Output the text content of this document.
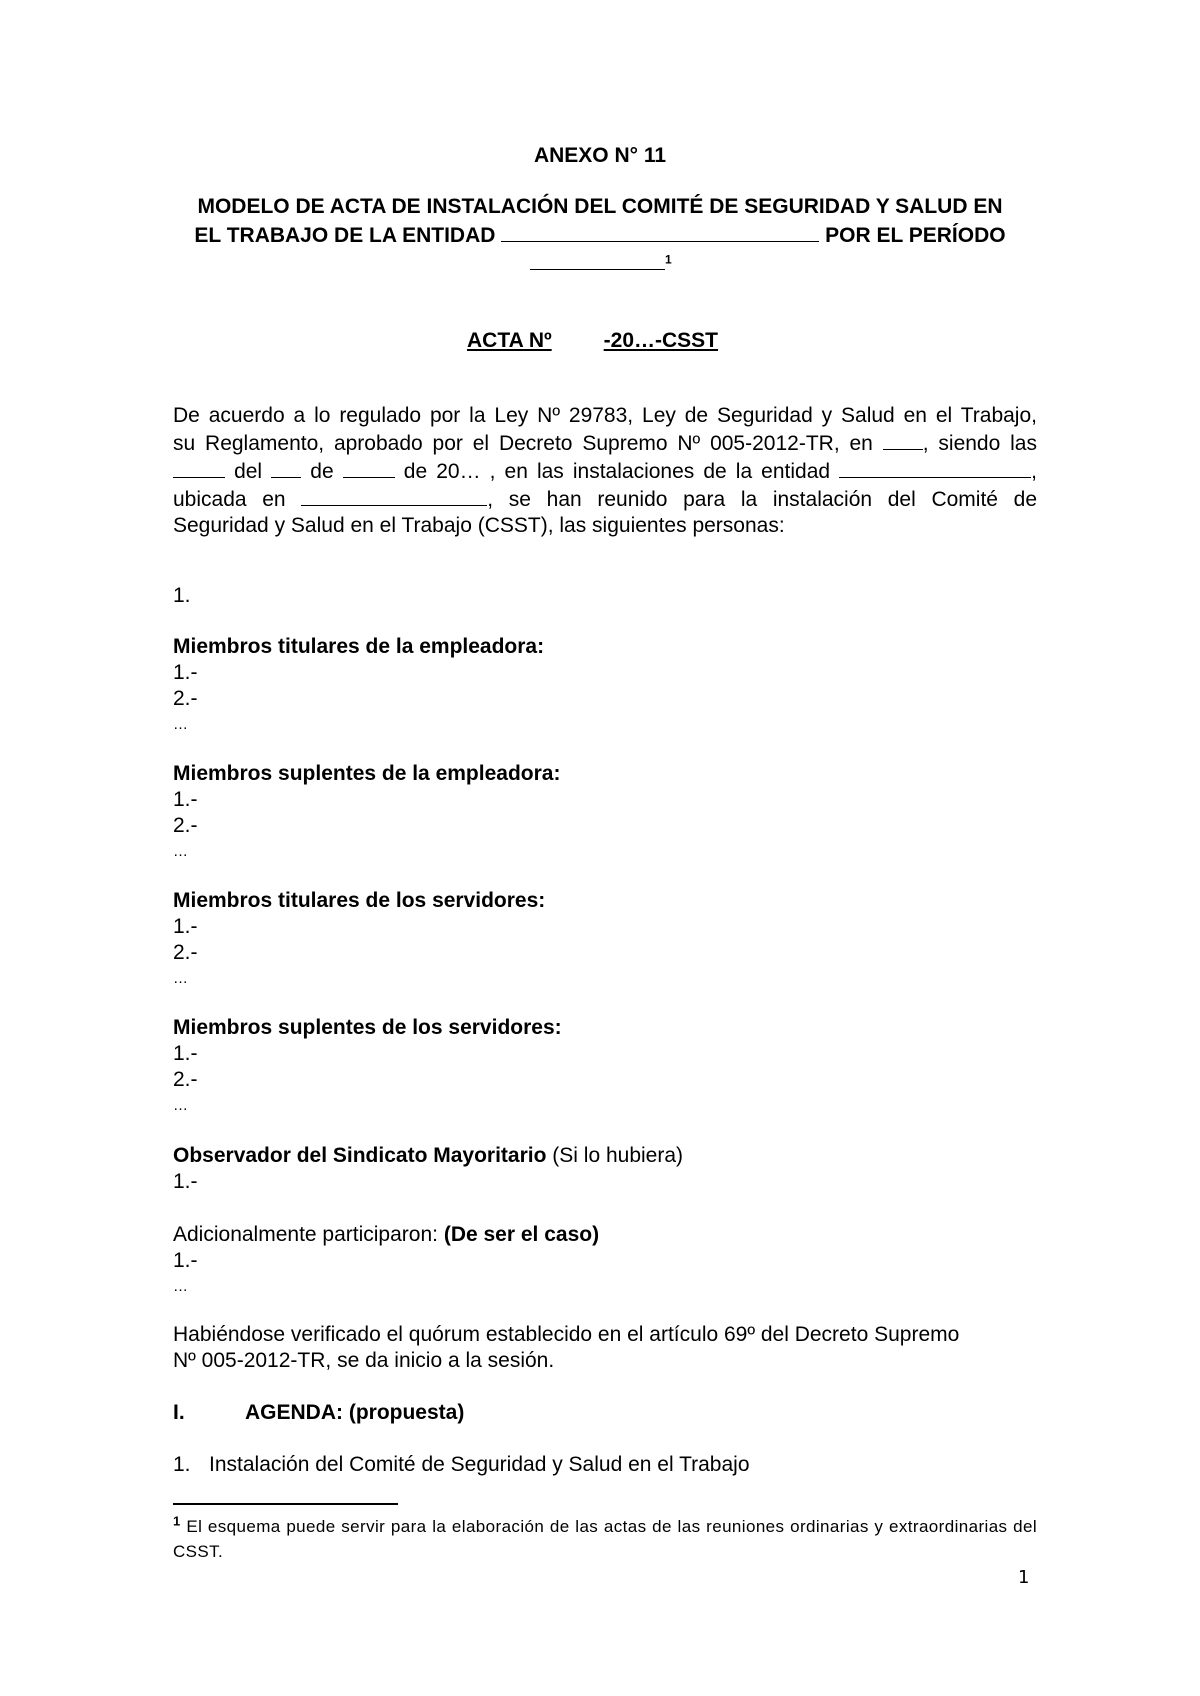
ANEXO N° 11
MODELO DE ACTA DE INSTALACIÓN DEL COMITÉ DE SEGURIDAD Y SALUD EN
EL TRABAJO DE LA ENTIDAD	POR EL PERÍODO
$^1$
ACTA Nº -20…-CSST
De acuerdo a lo regulado por la Ley Nº 29783, Ley de Seguridad y Salud en el Trabajo,
su Reglamento, aprobado por el Decreto Supremo Nº 005-2012-TR, en , siendo las
del de	de 20… , en las instalaciones de la entidad	,
ubicada en	, se han reunido para la instalación del Comité de
Seguridad y Salud en el Trabajo (CSST), las siguientes personas:
1.
Miembros titulares de la empleadora:
1.-
2.-
…
Miembros suplentes de la empleadora:
1.-
2.-
…
Miembros titulares de los servidores:
1.-
2.-
…
Miembros suplentes de los servidores:
1.-
2.-
…
Observador del Sindicato Mayoritario (Si lo hubiera)
1.-
Adicionalmente participaron: (De ser el caso)
1.-
…
Habiéndose verificado el quórum establecido en el artículo 69º del Decreto Supremo
Nº 005-2012-TR, se da inicio a la sesión.
I.	AGENDA: (propuesta)
1. Instalación del Comité de Seguridad y Salud en el Trabajo
$^1$ El esquema puede servir para la elaboración de las actas de las reuniones ordinarias y extraordinarias del CSST.
1
